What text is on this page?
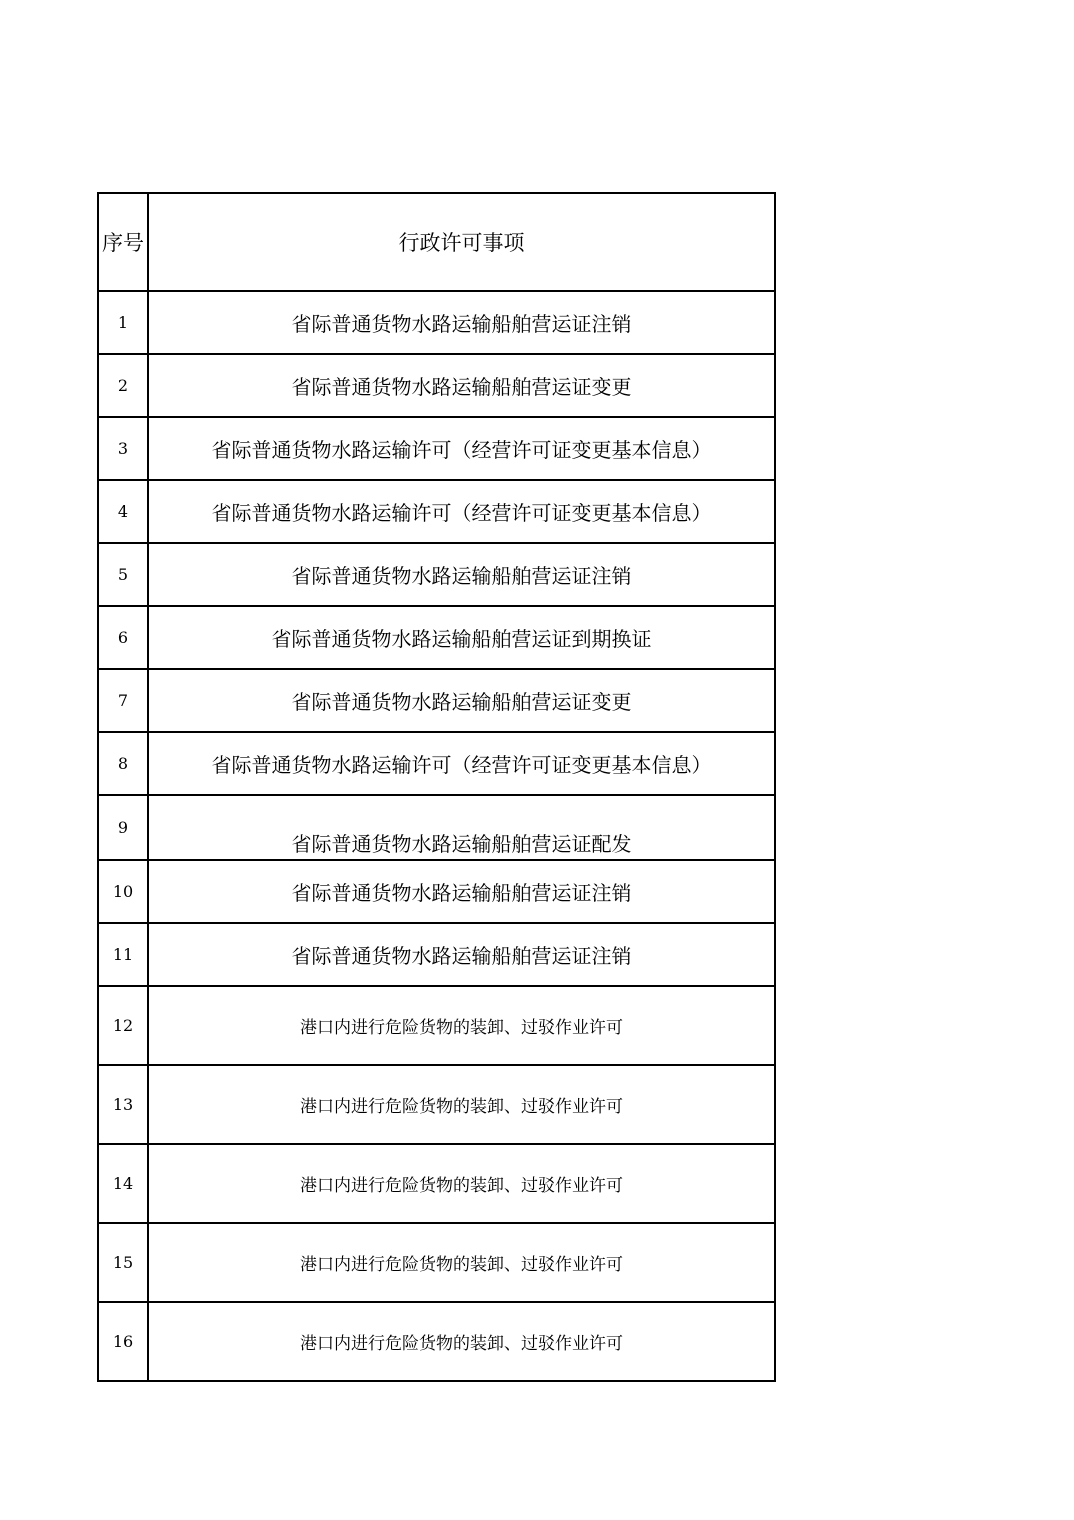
序号	行政许可事项
1	省际普通货物水路运输船舶营运证注销
2	省际普通货物水路运输船舶营运证变更
3	省际普通货物水路运输许可（经营许可证变更基本信息）
4	省际普通货物水路运输许可（经营许可证变更基本信息）
5	省际普通货物水路运输船舶营运证注销
6	省际普通货物水路运输船舶营运证到期换证
7	省际普通货物水路运输船舶营运证变更
8	省际普通货物水路运输许可（经营许可证变更基本信息）
9	省际普通货物水路运输船舶营运证配发
10	省际普通货物水路运输船舶营运证注销
11	省际普通货物水路运输船舶营运证注销
12	港口内进行危险货物的装卸、过驳作业许可
13	港口内进行危险货物的装卸、过驳作业许可
14	港口内进行危险货物的装卸、过驳作业许可
15	港口内进行危险货物的装卸、过驳作业许可
16	港口内进行危险货物的装卸、过驳作业许可
